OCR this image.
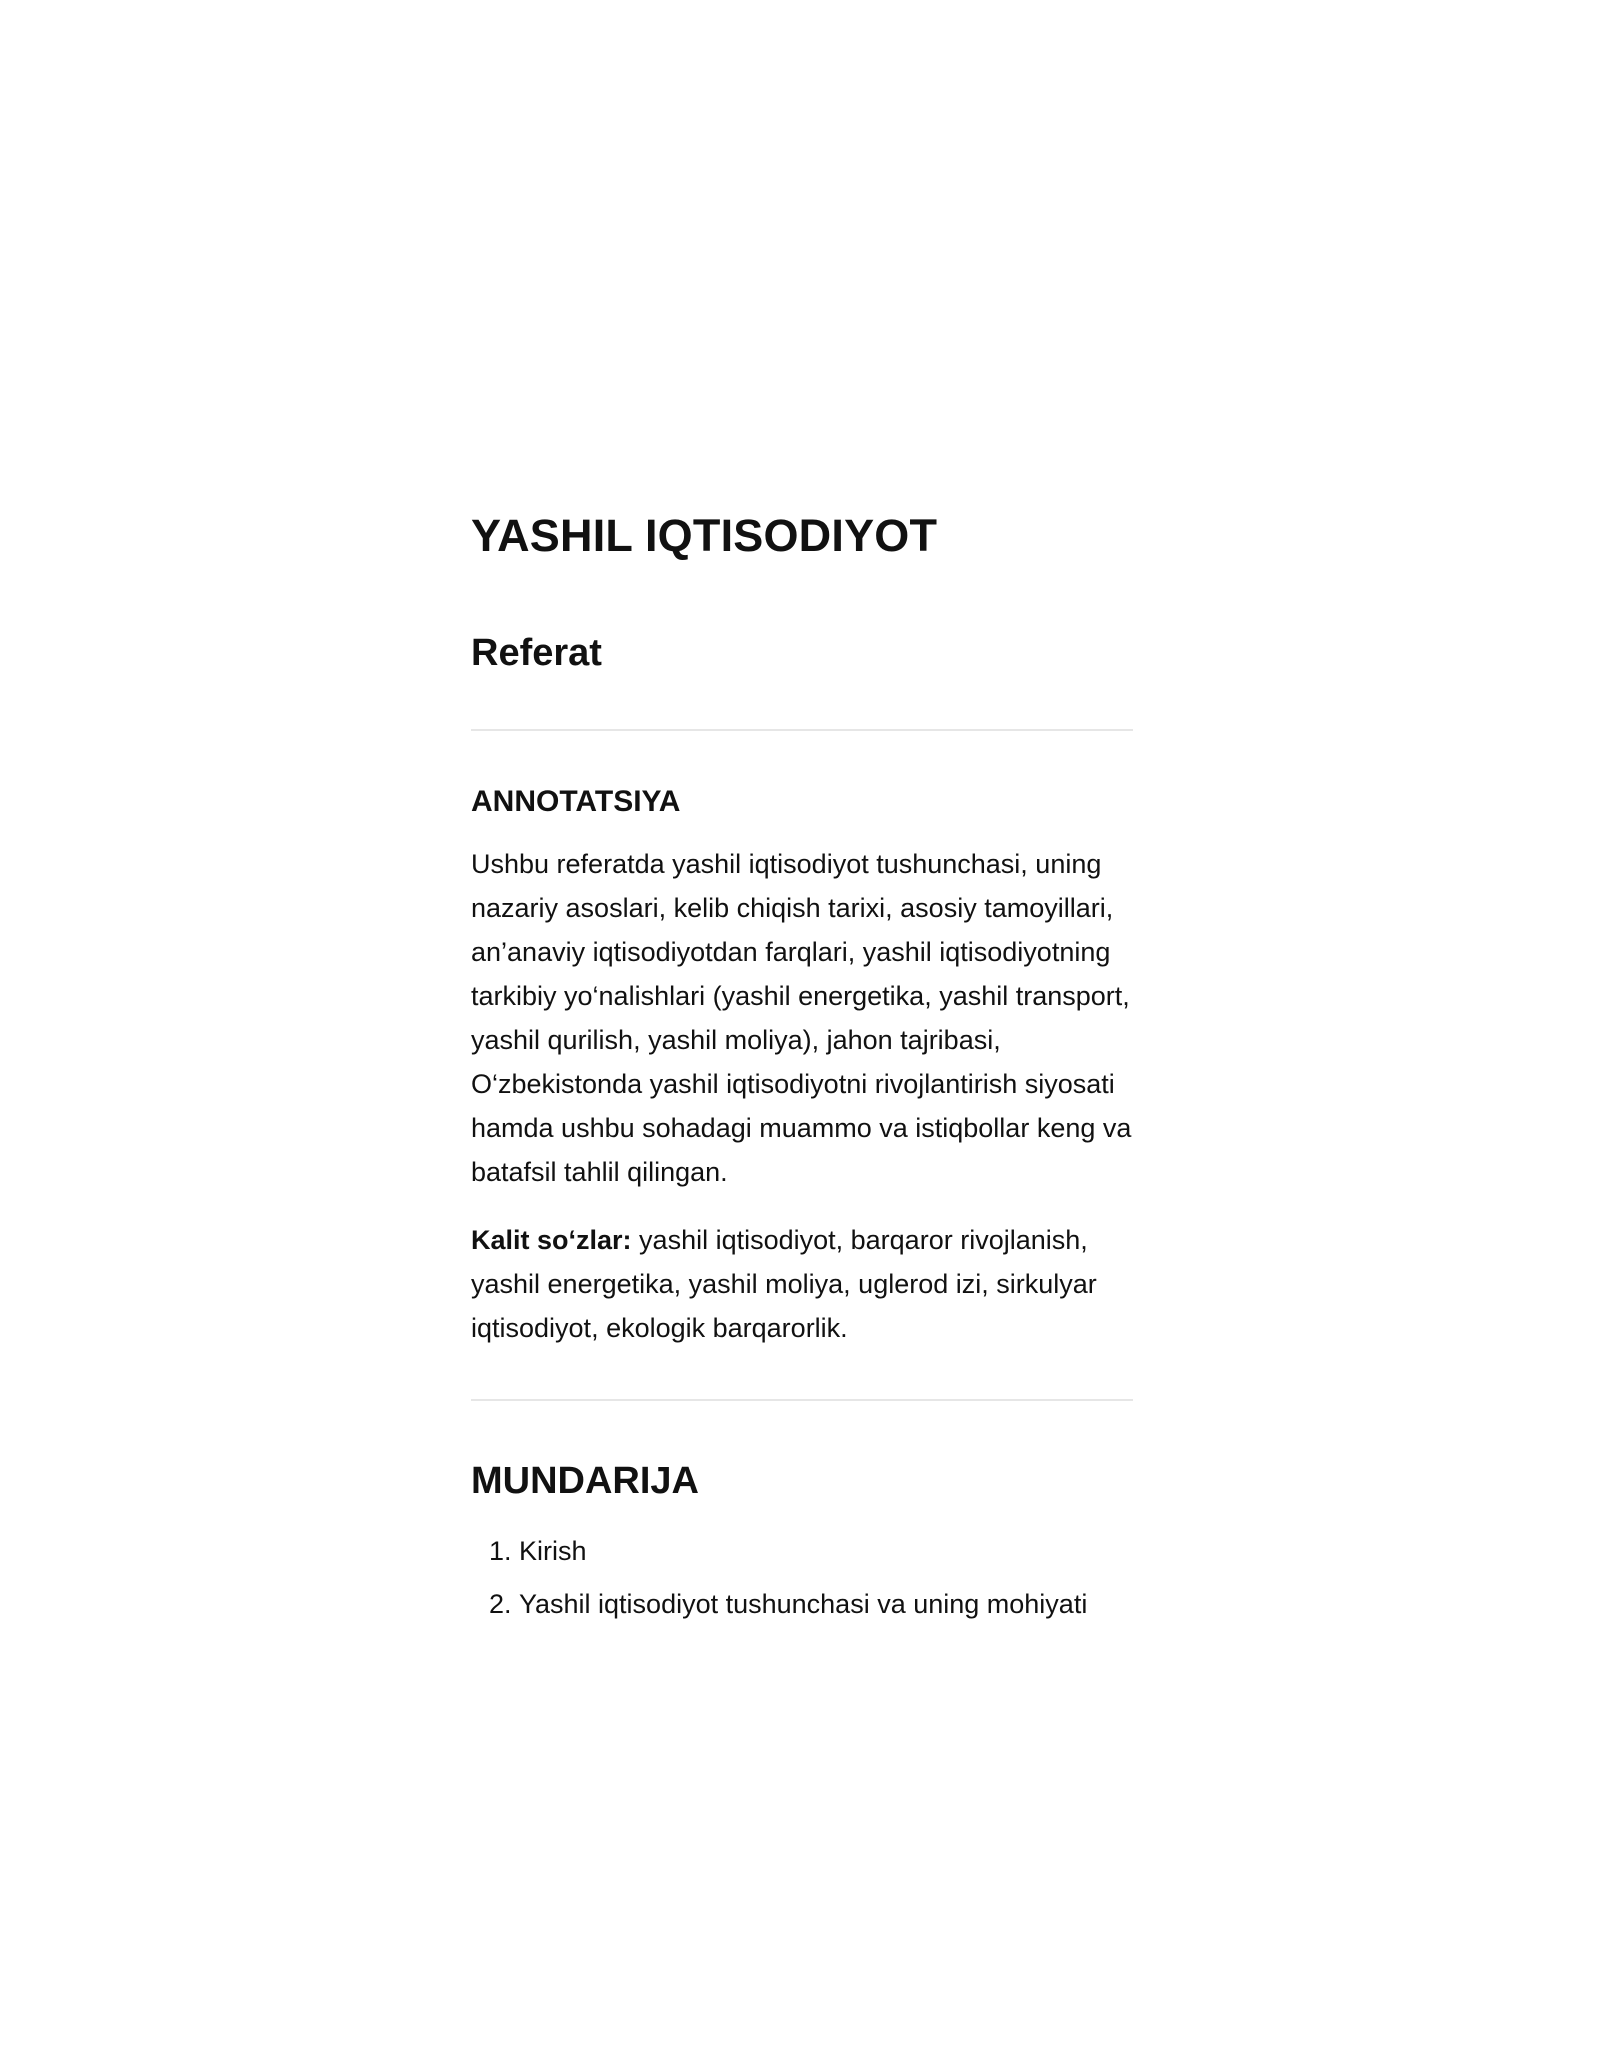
YASHIL IQTISODIYOT
Referat
ANNOTATSIYA

Ushbu referatda yashil iqtisodiyot tushunchasi, uning nazariy asoslari, kelib chiqish tarixi, asosiy tamoyillari, an’anaviy iqtisodiyotdan farqlari, yashil iqtisodiyotning tarkibiy yo‘nalishlari (yashil energetika, yashil transport, yashil qurilish, yashil moliya), jahon tajribasi, O‘zbekistonda yashil iqtisodiyotni rivojlantirish siyosati hamda ushbu sohadagi muammo va istiqbollar keng va batafsil tahlil qilingan.

Kalit so‘zlar: yashil iqtisodiyot, barqaror rivojlanish, yashil energetika, yashil moliya, uglerod izi, sirkulyar iqtisodiyot, ekologik barqarorlik.

MUNDARIJA
1. Kirish
2. Yashil iqtisodiyot tushunchasi va uning mohiyati
